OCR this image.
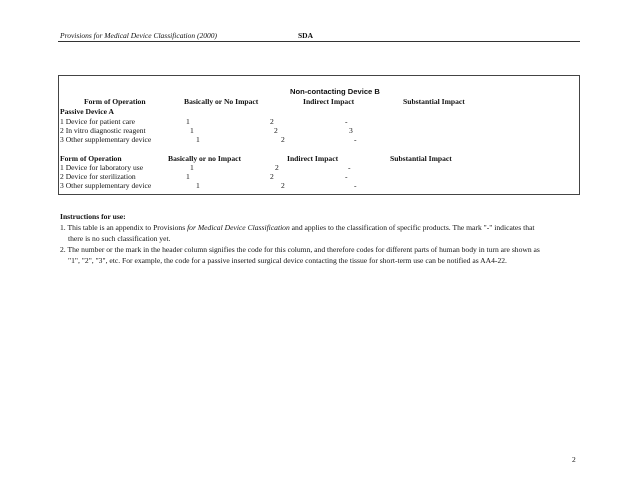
Provisions for Medical Device Classification (2000)	SDA
Non-contacting Device B
Form of Operation	Basically or No Impact	Indirect Impact	Substantial Impact
Passive Device A
1 Device for patient care	1	2	-
2 In vitro diagnostic reagent	1	2	3
3 Other supplementary device	1	2	-
Form of Operation	Basically or no Impact	Indirect Impact	Substantial Impact
1 Device for laboratory use	1	2	-
2 Device for sterilization	1	2	-
3 Other supplementary device	1	2	-
Instructions for use:
1. This table is an appendix to Provisions for Medical Device Classification and applies to the classification of specific products. The mark "-" indicates that
there is no such classification yet.
2. The number or the mark in the header column signifies the code for this column, and therefore codes for different parts of human body in turn are shown as
"1", "2", "3", etc. For example, the code for a passive inserted surgical device contacting the tissue for short-term use can be notified as AA4-22.
2
